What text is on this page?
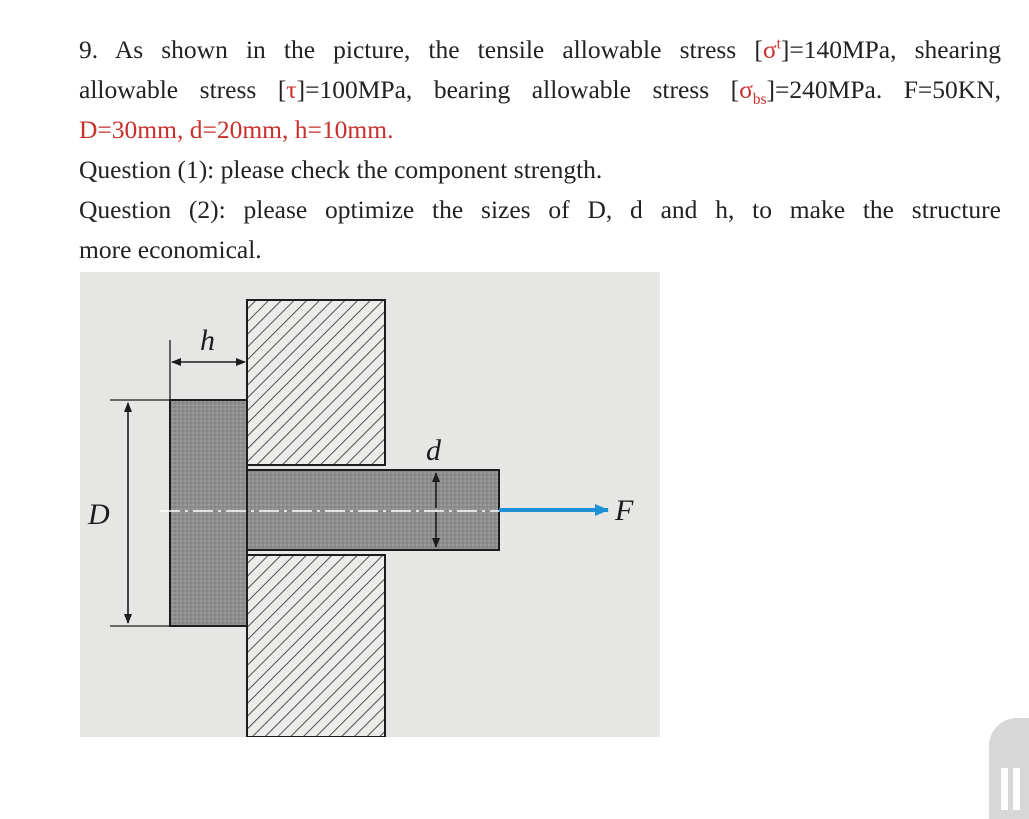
9. As shown in the picture, the tensile allowable stress $[\sigma^t]=140MPa$, shearing
allowable stress [τ]=100MPa, bearing allowable stress $[\sigma_{bs}]=240MPa$. F=50KN,
D=30mm, d=20mm, h=10mm.
Question (1): please check the component strength.
Question (2): please optimize the sizes of D, d and h, to make the structure
more economical.
h
D
d
F
